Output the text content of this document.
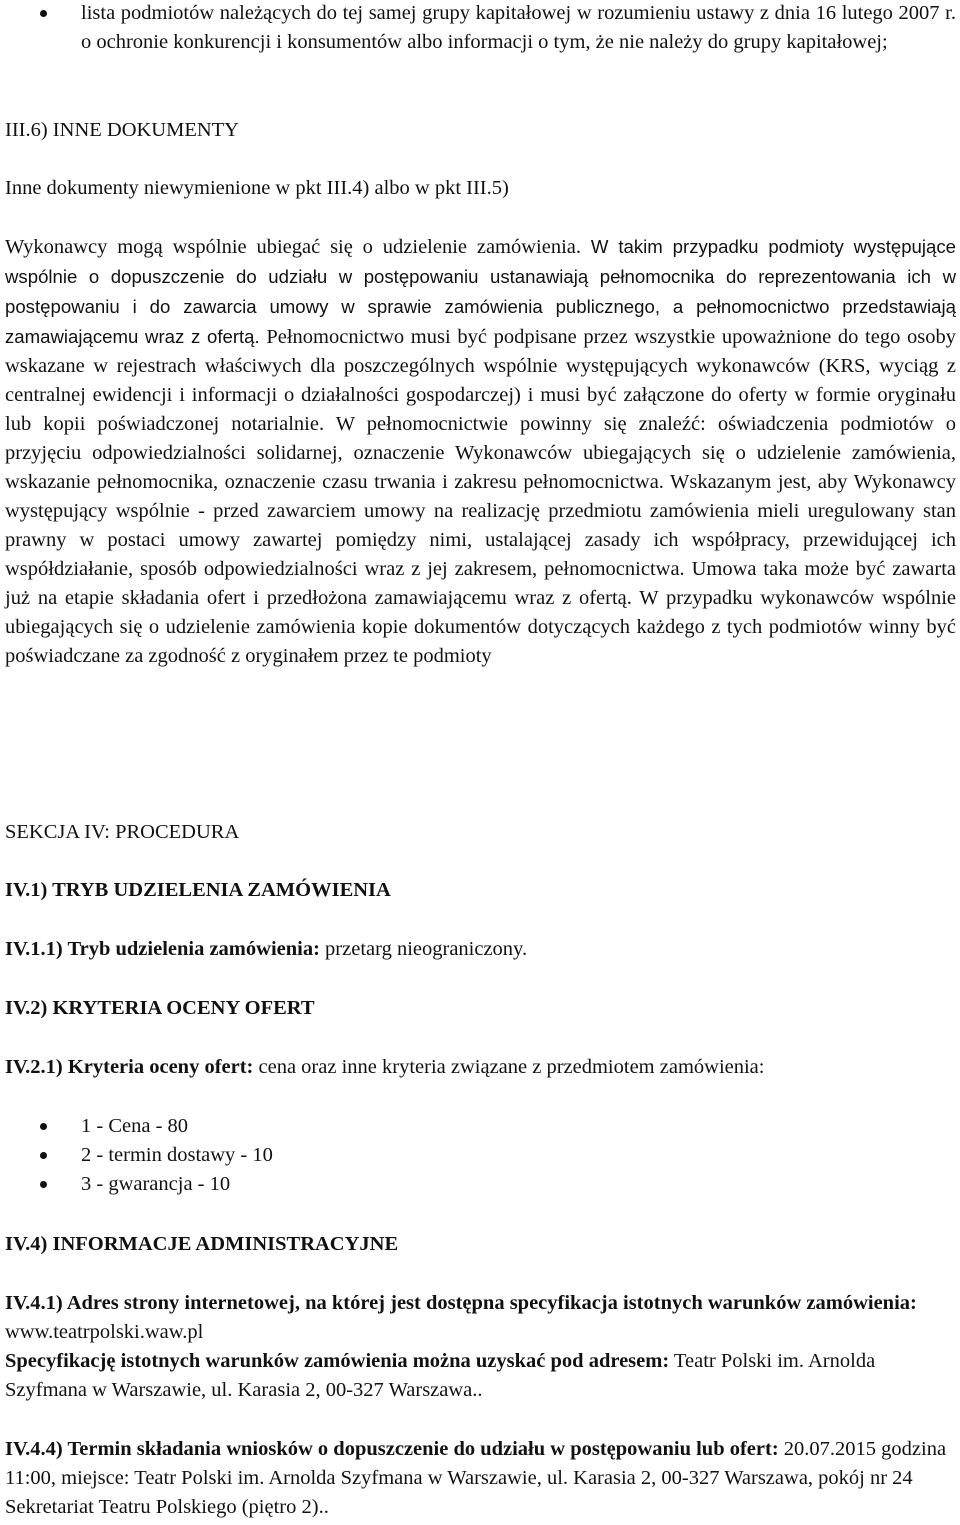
lista podmiotów należących do tej samej grupy kapitałowej w rozumieniu ustawy z dnia 16 lutego 2007 r. o ochronie konkurencji i konsumentów albo informacji o tym, że nie należy do grupy kapitałowej;

III.6) INNE DOKUMENTY

Inne dokumenty niewymienione w pkt III.4) albo w pkt III.5)

Wykonawcy mogą wspólnie ubiegać się o udzielenie zamówienia. W takim przypadku podmioty występujące wspólnie o dopuszczenie do udziału w postępowaniu ustanawiają pełnomocnika do reprezentowania ich w postępowaniu i do zawarcia umowy w sprawie zamówienia publicznego, a pełnomocnictwo przedstawiają zamawiającemu wraz z ofertą. Pełnomocnictwo musi być podpisane przez wszystkie upoważnione do tego osoby wskazane w rejestrach właściwych dla poszczególnych wspólnie występujących wykonawców (KRS, wyciąg z centralnej ewidencji i informacji o działalności gospodarczej) i musi być załączone do oferty w formie oryginału lub kopii poświadczonej notarialnie. W pełnomocnictwie powinny się znaleźć: oświadczenia podmiotów o przyjęciu odpowiedzialności solidarnej, oznaczenie Wykonawców ubiegających się o udzielenie zamówienia, wskazanie pełnomocnika, oznaczenie czasu trwania i zakresu pełnomocnictwa. Wskazanym jest, aby Wykonawcy występujący wspólnie - przed zawarciem umowy na realizację przedmiotu zamówienia mieli uregulowany stan prawny w postaci umowy zawartej pomiędzy nimi, ustalającej zasady ich współpracy, przewidującej ich współdziałanie, sposób odpowiedzialności wraz z jej zakresem, pełnomocnictwa. Umowa taka może być zawarta już na etapie składania ofert i przedłożona zamawiającemu wraz z ofertą. W przypadku wykonawców wspólnie ubiegających się o udzielenie zamówienia kopie dokumentów dotyczących każdego z tych podmiotów winny być poświadczane za zgodność z oryginałem przez te podmioty

SEKCJA IV: PROCEDURA

IV.1) TRYB UDZIELENIA ZAMÓWIENIA

IV.1.1) Tryb udzielenia zamówienia: przetarg nieograniczony.

IV.2) KRYTERIA OCENY OFERT

IV.2.1) Kryteria oceny ofert: cena oraz inne kryteria związane z przedmiotem zamówienia:

1 - Cena - 80
2 - termin dostawy - 10
3 - gwarancja - 10

IV.4) INFORMACJE ADMINISTRACYJNE

IV.4.1) Adres strony internetowej, na której jest dostępna specyfikacja istotnych warunków zamówienia: www.teatrpolski.waw.pl
Specyfikację istotnych warunków zamówienia można uzyskać pod adresem: Teatr Polski im. Arnolda Szyfmana w Warszawie, ul. Karasia 2, 00-327 Warszawa..

IV.4.4) Termin składania wniosków o dopuszczenie do udziału w postępowaniu lub ofert: 20.07.2015 godzina 11:00, miejsce: Teatr Polski im. Arnolda Szyfmana w Warszawie, ul. Karasia 2, 00-327 Warszawa, pokój nr 24 Sekretariat Teatru Polskiego (piętro 2)..
